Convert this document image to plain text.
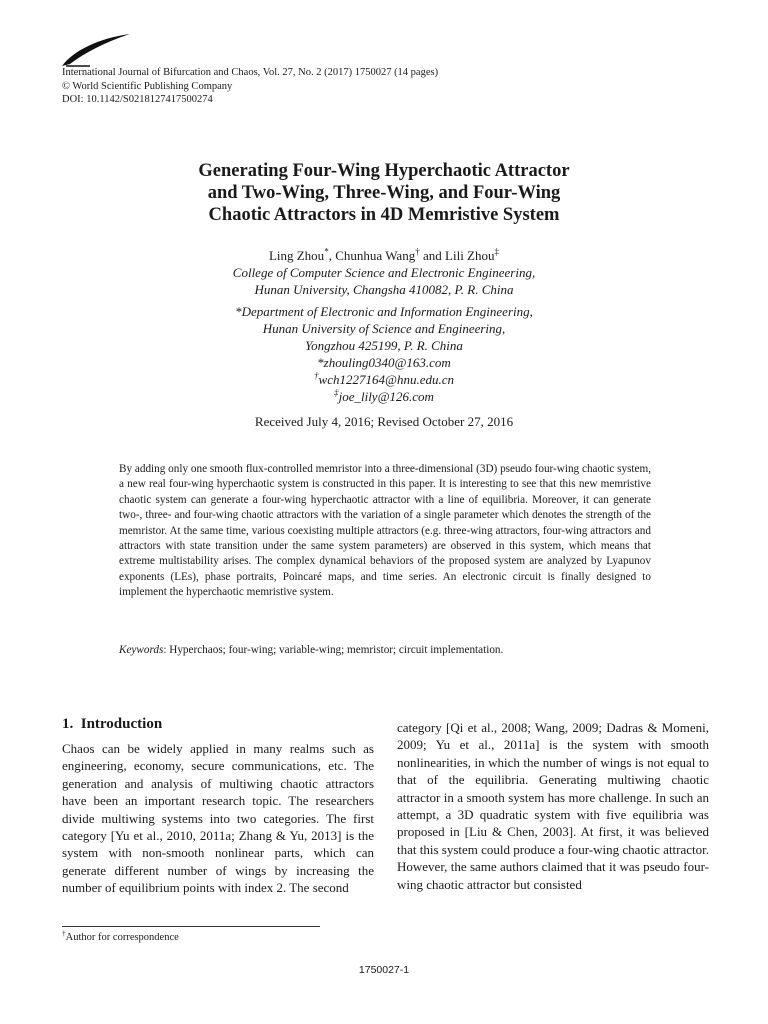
International Journal of Bifurcation and Chaos, Vol. 27, No. 2 (2017) 1750027 (14 pages)
© World Scientific Publishing Company
DOI: 10.1142/S0218127417500274
Generating Four-Wing Hyperchaotic Attractor
and Two-Wing, Three-Wing, and Four-Wing
Chaotic Attractors in 4D Memristive System
Ling Zhou*, Chunhua Wang† and Lili Zhou‡
College of Computer Science and Electronic Engineering,
Hunan University, Changsha 410082, P. R. China
*Department of Electronic and Information Engineering,
Hunan University of Science and Engineering,
Yongzhou 425199, P. R. China
*zhouling0340@163.com
†wch1227164@hnu.edu.cn
‡joe_lily@126.com
Received July 4, 2016; Revised October 27, 2016

By adding only one smooth flux-controlled memristor into a three-dimensional (3D) pseudo four-wing chaotic system, a new real four-wing hyperchaotic system is constructed in this paper. It is interesting to see that this new memristive chaotic system can generate a four-wing hyperchaotic attractor with a line of equilibria. Moreover, it can generate two-, three- and four-wing chaotic attractors with the variation of a single parameter which denotes the strength of the memristor. At the same time, various coexisting multiple attractors (e.g. three-wing attractors, four-wing attractors and attractors with state transition under the same system parameters) are observed in this system, which means that extreme multistability arises. The complex dynamical behaviors of the proposed system are analyzed by Lyapunov exponents (LEs), phase portraits, Poincaré maps, and time series. An electronic circuit is finally designed to implement the hyperchaotic memristive system.

Keywords: Hyperchaos; four-wing; variable-wing; memristor; circuit implementation.
1. Introduction
Chaos can be widely applied in many realms such as engineering, economy, secure communications, etc. The generation and analysis of multiwing chaotic attractors have been an important research topic. The researchers divide multiwing systems into two categories. The first category [Yu et al., 2010, 2011a; Zhang & Yu, 2013] is the system with non-smooth nonlinear parts, which can generate different number of wings by increasing the number of equilibrium points with index 2. The second
category [Qi et al., 2008; Wang, 2009; Dadras & Momeni, 2009; Yu et al., 2011a] is the system with smooth nonlinearities, in which the number of wings is not equal to that of the equilibria. Generating multiwing chaotic attractor in a smooth system has more challenge. In such an attempt, a 3D quadratic system with five equilibria was proposed in [Liu & Chen, 2003]. At first, it was believed that this system could produce a four-wing chaotic attractor. However, the same authors claimed that it was pseudo four-wing chaotic attractor but consisted
†Author for correspondence
1750027-1
